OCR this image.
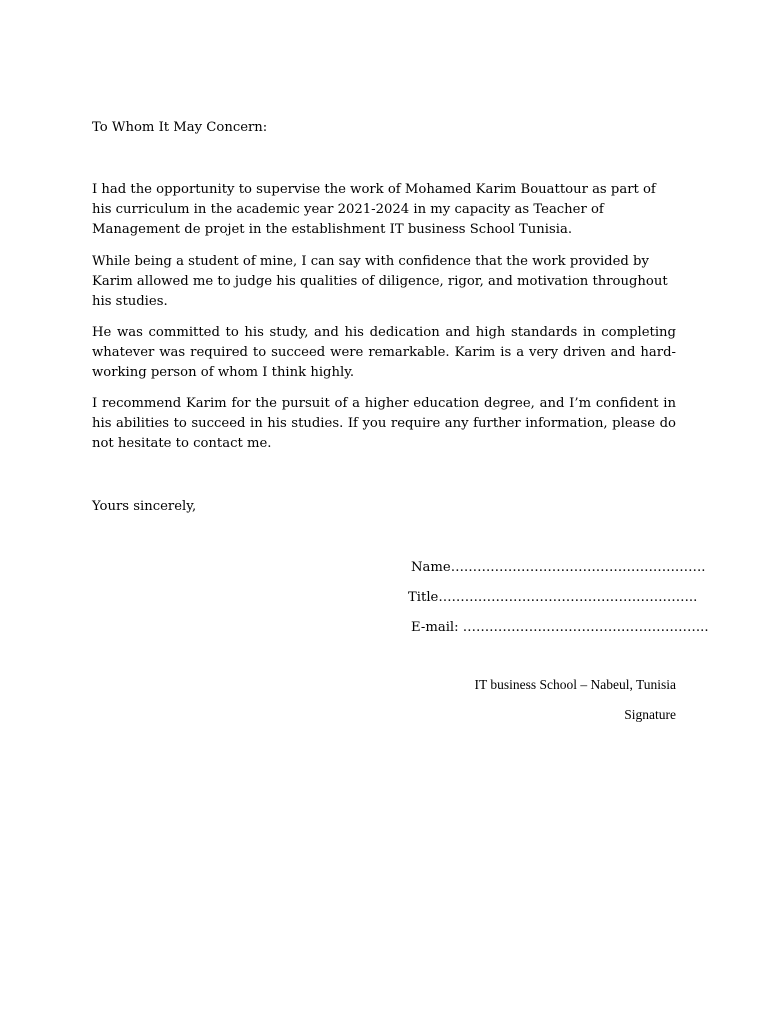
To Whom It May Concern:

I had the opportunity to supervise the work of Mohamed Karim Bouattour as part of his curriculum in the academic year 2021-2024 in my capacity as Teacher of Management de projet in the establishment IT business School Tunisia.

While being a student of mine, I can say with confidence that the work provided by Karim allowed me to judge his qualities of diligence, rigor, and motivation throughout his studies.

He was committed to his study, and his dedication and high standards in completing whatever was required to succeed were remarkable. Karim is a very driven and hard-working person of whom I think highly.

I recommend Karim for the pursuit of a higher education degree, and I’m confident in his abilities to succeed in his studies. If you require any further information, please do not hesitate to contact me.

Yours sincerely,

Name………………………………………………….
Title…………………………………………………..
E-mail: ………………………………………………..
IT business School – Nabeul, Tunisia
Signature
